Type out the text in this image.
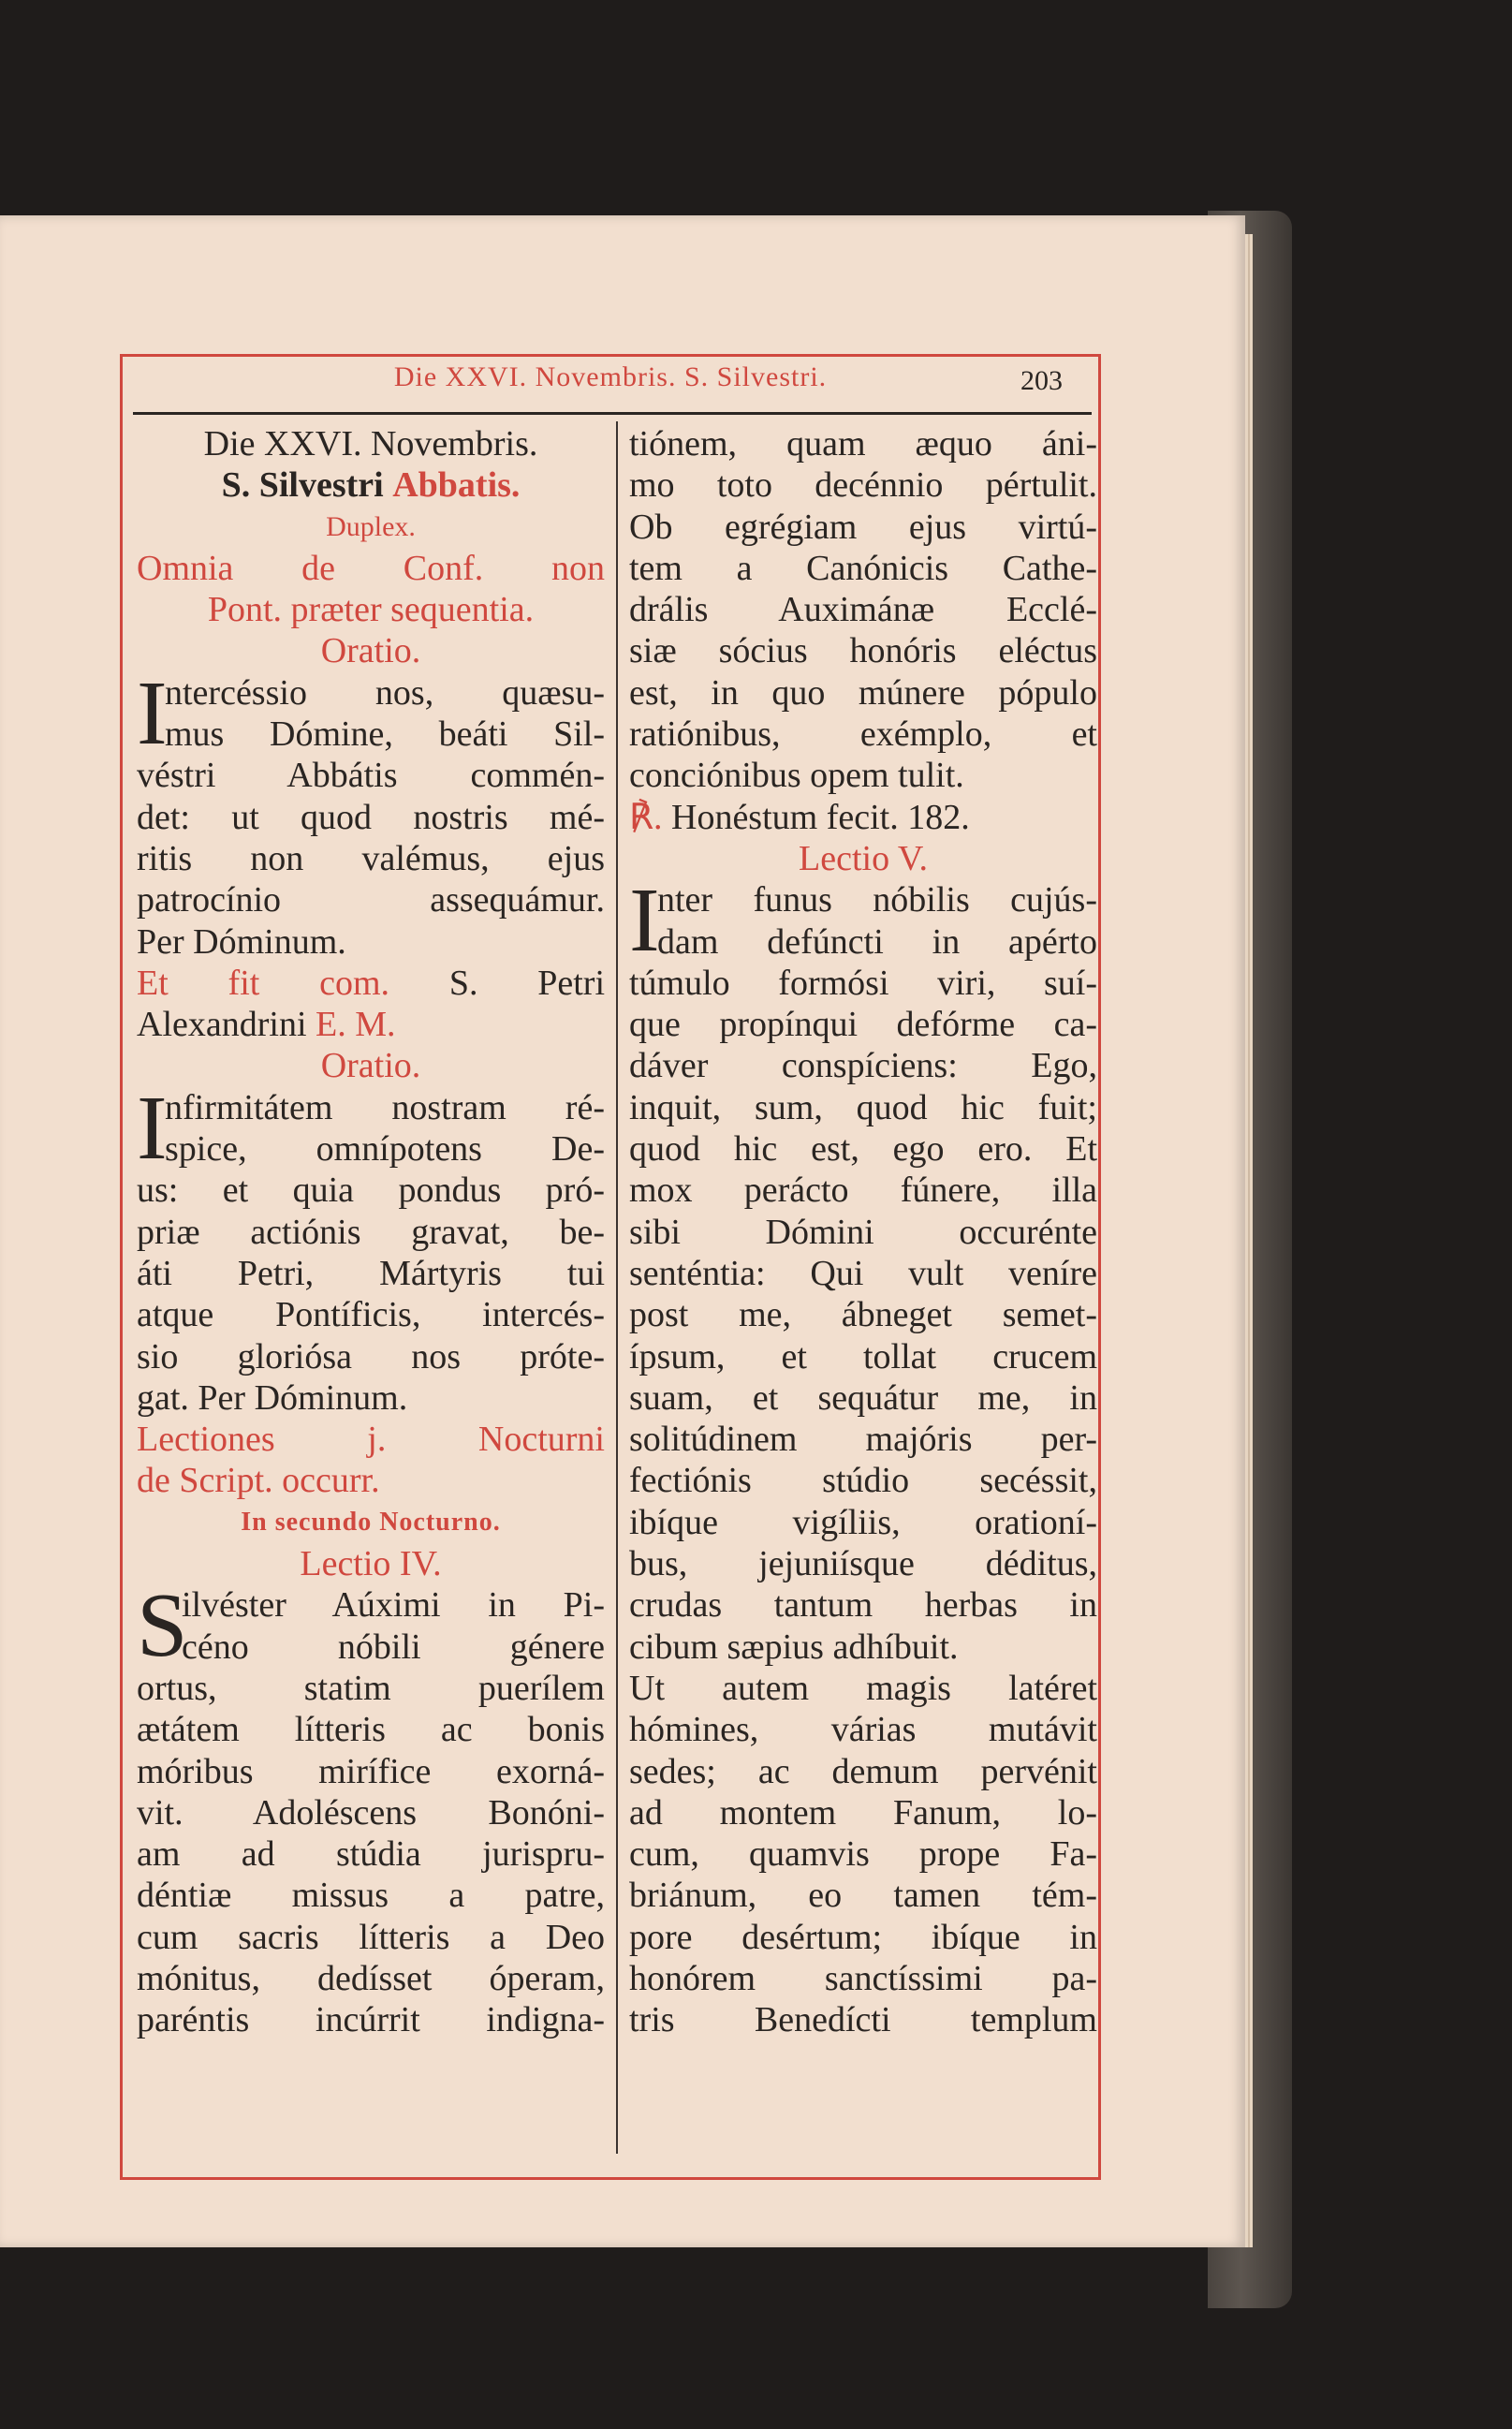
Die XXVI. Novembris. S. Silvestri.	203
Die XXVI. Novembris.
S. Silvestri Abbatis.
Duplex.
Omnia de Conf. non
Pont. præter sequentia.
Oratio.
I
ntercéssio nos, quæsu-
mus Dómine, beáti Sil-
véstri Abbátis commén-
det: ut quod nostris mé-
ritis non valémus, ejus
patrocínio assequámur.
Per Dóminum.
Et fit com. S. Petri
Alexandrini E. M.
Oratio.
I
nfirmitátem nostram ré-
spice, omnípotens De-
us: et quia pondus pró-
priæ actiónis gravat, be-
áti Petri, Mártyris tui
atque Pontíficis, intercés-
sio gloriósa nos próte-
gat. Per Dóminum.
Lectiones j. Nocturni
de Script. occurr.
In secundo Nocturno.
Lectio IV.
S
ilvéster Aúximi in Pi-
céno nóbili génere
ortus, statim puerílem
ætátem lítteris ac bonis
móribus mirífice exorná-
vit. Adoléscens Bonóni-
am ad stúdia jurispru-
déntiæ missus a patre,
cum sacris lítteris a Deo
mónitus, dedísset óperam,
paréntis incúrrit indigna-
tiónem, quam æquo áni-
mo toto decénnio pértulit.
Ob egrégiam ejus virtú-
tem a Canónicis Cathe-
drális Auximánæ Ecclé-
siæ sócius honóris eléctus
est, in quo múnere pópulo
ratiónibus, exémplo, et
conciónibus opem tulit.
℟. Honéstum fecit. 182.
Lectio V.
I
nter funus nóbilis cujús-
dam defúncti in apérto
túmulo formósi viri, suí-
que propínqui defórme ca-
dáver conspíciens: Ego,
inquit, sum, quod hic fuit;
quod hic est, ego ero. Et
mox perácto fúnere, illa
sibi Dómini occurénte
senténtia: Qui vult veníre
post me, ábneget semet-
ípsum, et tollat crucem
suam, et sequátur me, in
solitúdinem majóris per-
fectiónis stúdio secéssit,
ibíque vigíliis, orationí-
bus, jejuniísque déditus,
crudas tantum herbas in
cibum sæpius adhíbuit.
Ut autem magis latéret
hómines, várias mutávit
sedes; ac demum pervénit
ad montem Fanum, lo-
cum, quamvis prope Fa-
briánum, eo tamen tém-
pore desértum; ibíque in
honórem sanctíssimi pa-
tris Benedícti templum
